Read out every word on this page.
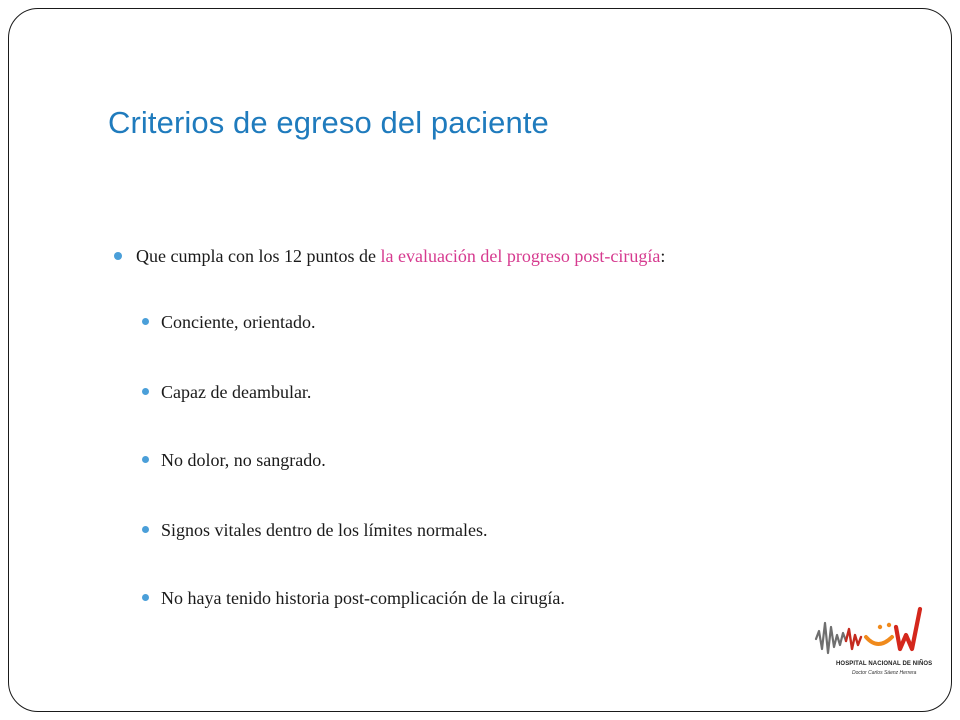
Criterios de egreso del paciente
Que cumpla con los 12 puntos de la evaluación del progreso post-cirugía:
Conciente, orientado.
Capaz de deambular.
No dolor, no sangrado.
Signos vitales dentro de los límites normales.
No haya tenido historia post-complicación de la cirugía.
HOSPITAL NACIONAL DE NIÑOS
Doctor Carlos Sáenz Herrera
